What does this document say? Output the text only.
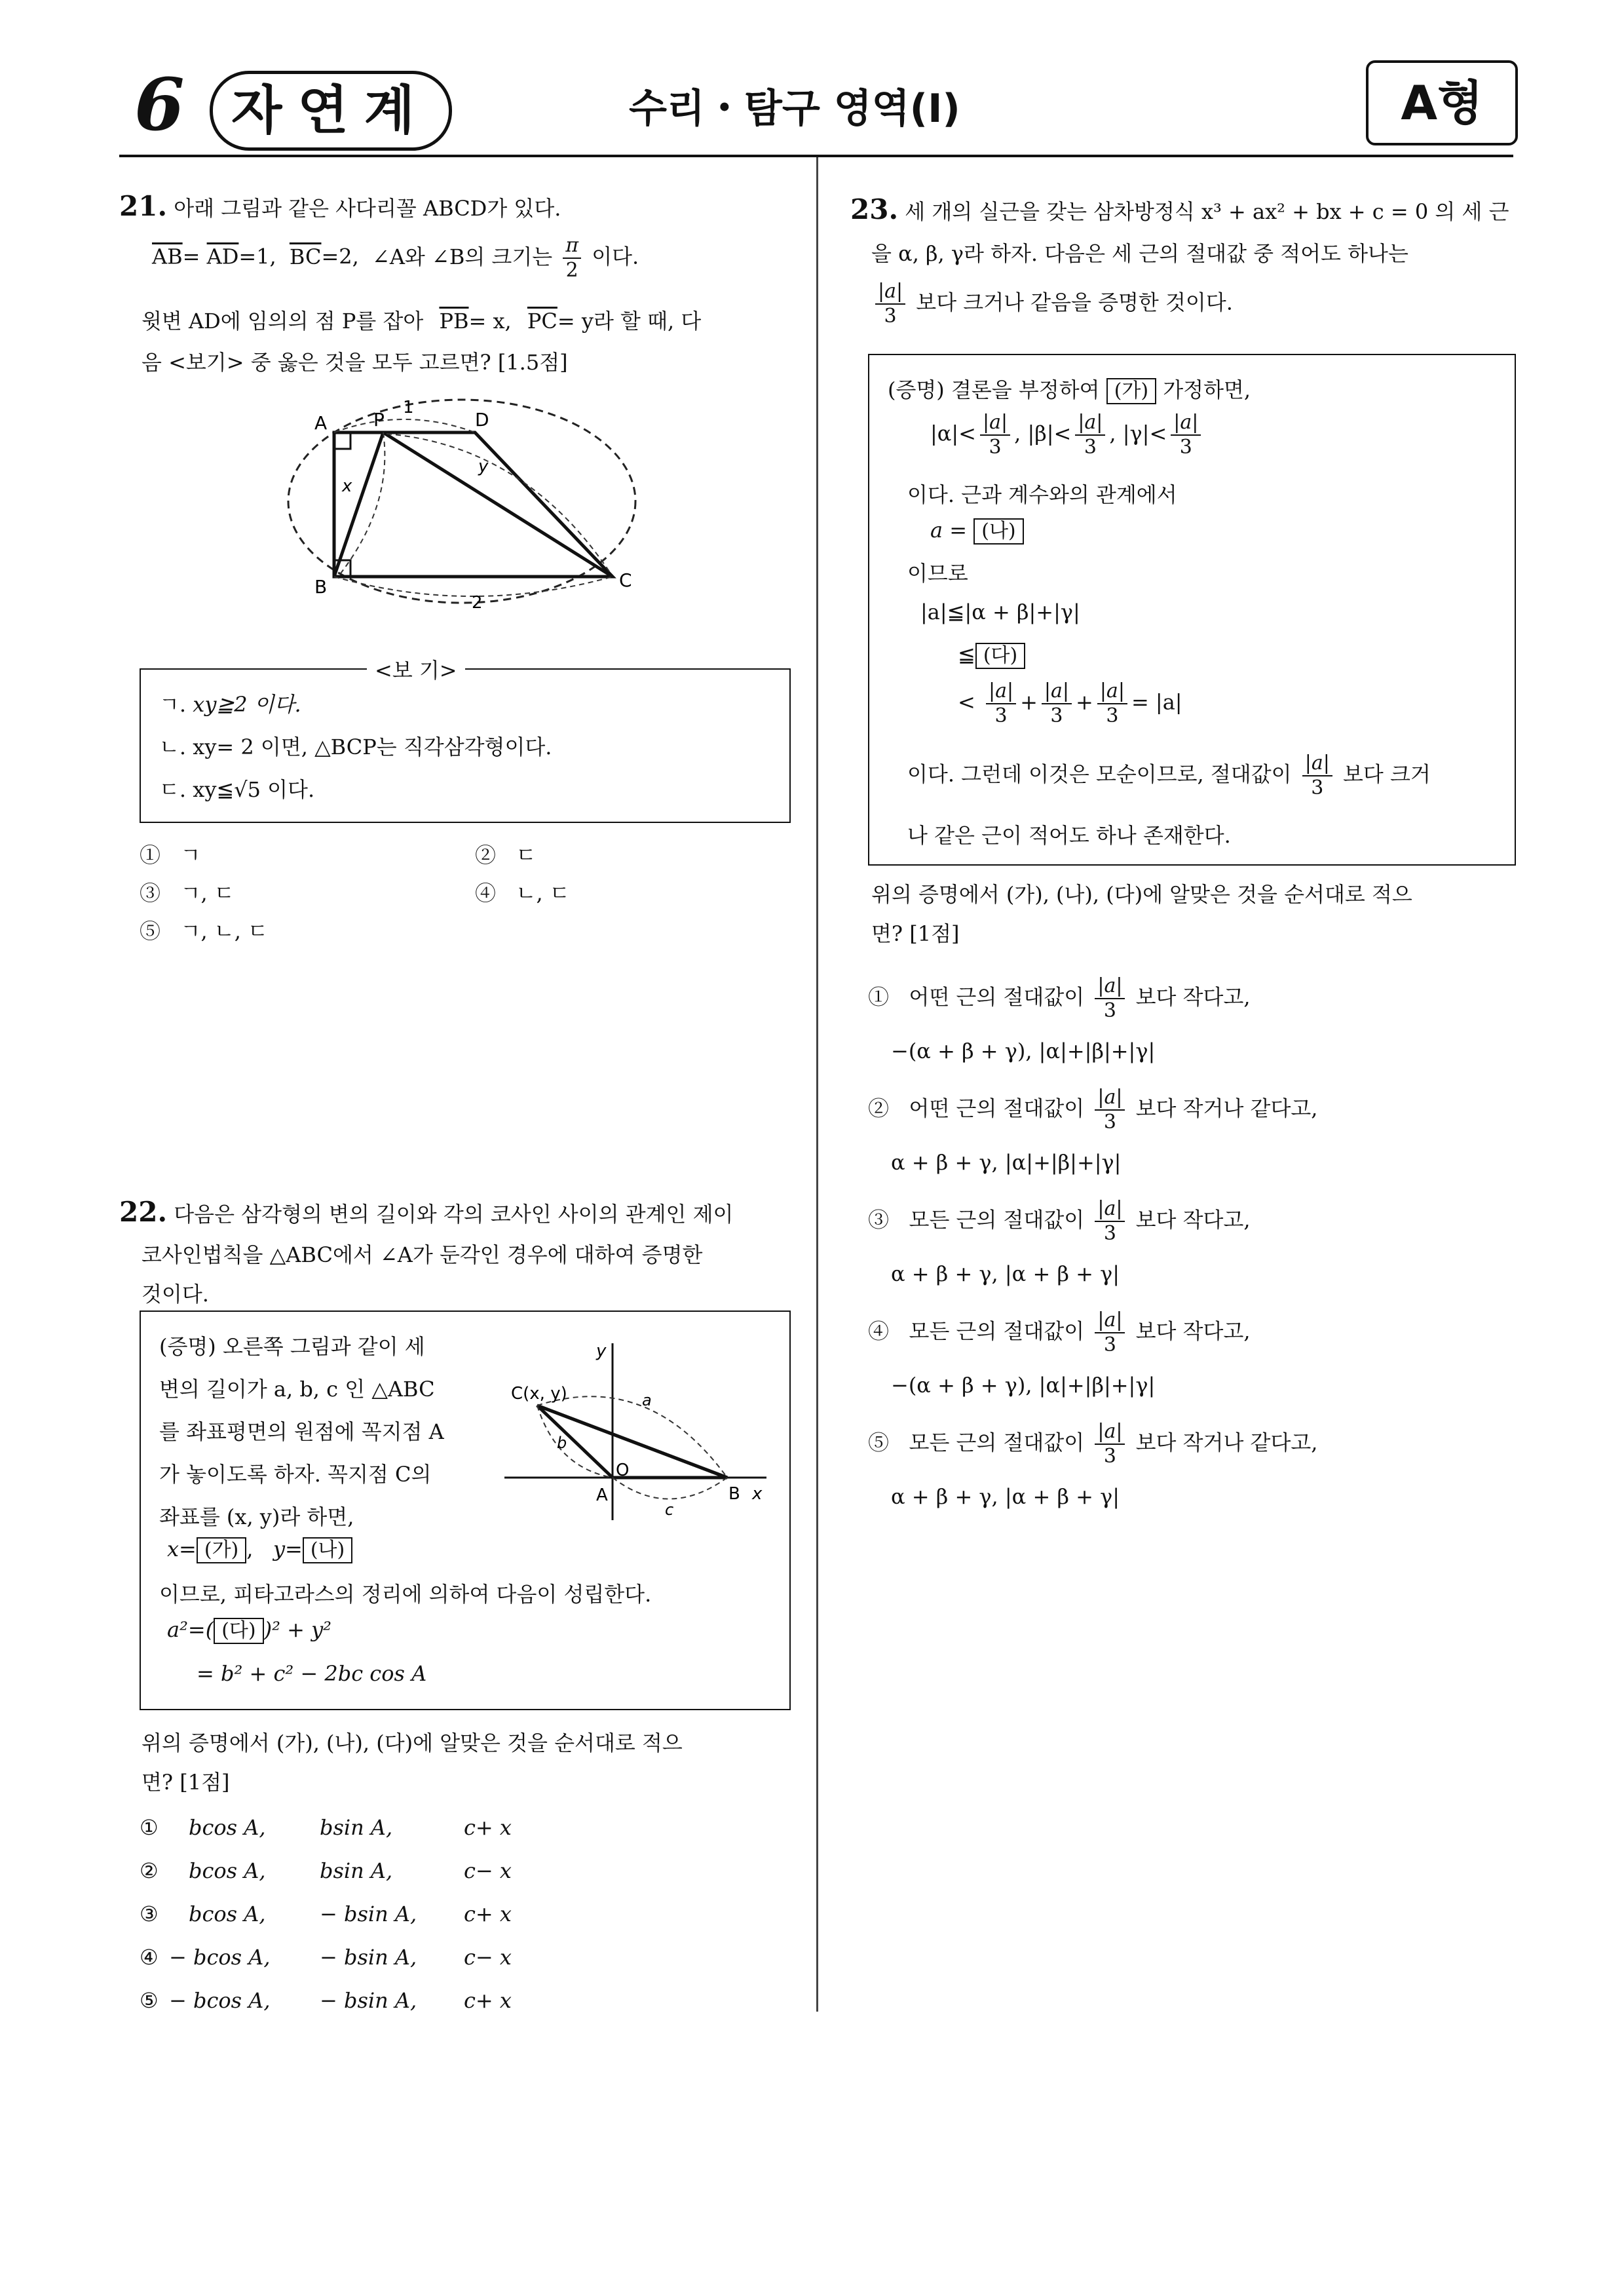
6 자연계	수리・탐구 영역(Ⅰ)	A형
21. 아래 그림과 같은 사다리꼴 ABCD가 있다.
$\overline{AB}= \overline{AD}=1$, $\overline{BC}=2$, ∠A와 ∠B의 크기는 $\frac{\pi}{2}$ 이다.
윗변 AD에 임의의 점 P를 잡아 $\overline{PB}= x$, $\overline{PC}= y$라 할 때, 다
음 <보기> 중 옳은 것을 모두 고르면? [1.5점]
A	P	D
B	C
1
2
x
y
<보 기>
ㄱ. xy≧2 이다.
ㄴ. xy= 2 이면, △BCP는 직각삼각형이다.
ㄷ. xy≦√5 이다.
① ㄱ	② ㄷ
③ ㄱ, ㄷ	④ ㄴ, ㄷ
⑤ ㄱ, ㄴ, ㄷ
22. 다음은 삼각형의 변의 길이와 각의 코사인 사이의 관계인 제이
코사인법칙을 △ABC에서 ∠A가 둔각인 경우에 대하여 증명한
것이다.
(증명) 오른쪽 그림과 같이 세
변의 길이가 a, b, c 인 △ABC
를 좌표평면의 원점에 꼭지점 A
가 놓이도록 하자. 꼭지점 C의
좌표를 (x, y)라 하면,
x= (가) , y= (나)
이므로, 피타고라스의 정리에 의하여 다음이 성립한다.
a²=( (다) )² + y²
= b² + c² − 2bc cos A
C(x, y)
O
A	B x
y
a
b
c
위의 증명에서 (가), (나), (다)에 알맞은 것을 순서대로 적으
면? [1점]
① bcos A,	bsin A,	c+ x
② bcos A,	bsin A,	c− x
③ bcos A,	− bsin A, c+ x
④ − bcos A, − bsin A, c− x
⑤ − bcos A, − bsin A, c+ x
23. 세 개의 실근을 갖는 삼차방정식 x³ + ax² + bx + c = 0 의 세 근
을 α, β, γ라 하자. 다음은 세 근의 절대값 중 적어도 하나는
$\frac{|a|}{3}$ 보다 크거나 같음을 증명한 것이다.
(증명) 결론을 부정하여 (가) 가정하면,
$|\alpha|< \frac{|a|}{3}$ , $|\beta|< \frac{|a|}{3}$ , $|\gamma|< \frac{|a|}{3}$
이다. 근과 계수와의 관계에서
a = (나)
이므로
|a|≦|α + β|+|γ|
≦ (다)
< $\frac{|a|}{3} + \frac{|a|}{3} + \frac{|a|}{3} = |a|$
이다. 그런데 이것은 모순이므로, 절대값이 $\frac{|a|}{3}$ 보다 크거
나 같은 근이 적어도 하나 존재한다.
위의 증명에서 (가), (나), (다)에 알맞은 것을 순서대로 적으
면? [1점]
① 어떤 근의 절대값이 $\frac{|a|}{3}$ 보다 작다고,
−(α + β + γ), |α|+|β|+|γ|
② 어떤 근의 절대값이 $\frac{|a|}{3}$ 보다 작거나 같다고,
α + β + γ, |α|+|β|+|γ|
③ 모든 근의 절대값이 $\frac{|a|}{3}$ 보다 작다고,
α + β + γ, |α + β + γ|
④ 모든 근의 절대값이 $\frac{|a|}{3}$ 보다 작다고,
−(α + β + γ), |α|+|β|+|γ|
⑤ 모든 근의 절대값이 $\frac{|a|}{3}$ 보다 작거나 같다고,
α + β + γ, |α + β + γ|
